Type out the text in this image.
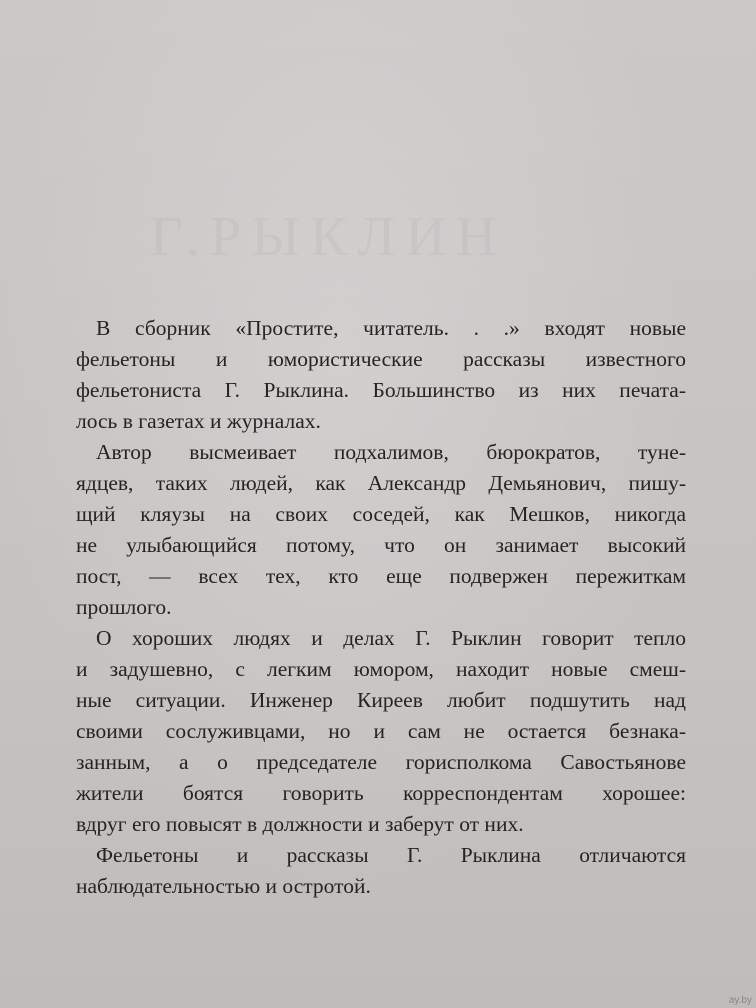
Г.РЫКЛИН
В сборник «Простите, читатель. . .» входят новые
фельетоны и юмористические рассказы известного
фельетониста Г. Рыклина. Большинство из них печата-
лось в газетах и журналах.
Автор высмеивает подхалимов, бюрократов, туне-
ядцев, таких людей, как Александр Демьянович, пишу-
щий кляузы на своих соседей, как Мешков, никогда
не улыбающийся потому, что он занимает высокий
пост, — всех тех, кто еще подвержен пережиткам
прошлого.
О хороших людях и делах Г. Рыклин говорит тепло
и задушевно, с легким юмором, находит новые смеш-
ные ситуации. Инженер Киреев любит подшутить над
своими сослуживцами, но и сам не остается безнака-
занным, а о председателе горисполкома Савостьянове
жители боятся говорить корреспондентам хорошее:
вдруг его повысят в должности и заберут от них.
Фельетоны и рассказы Г. Рыклина отличаются
наблюдательностью и остротой.
ay.by
